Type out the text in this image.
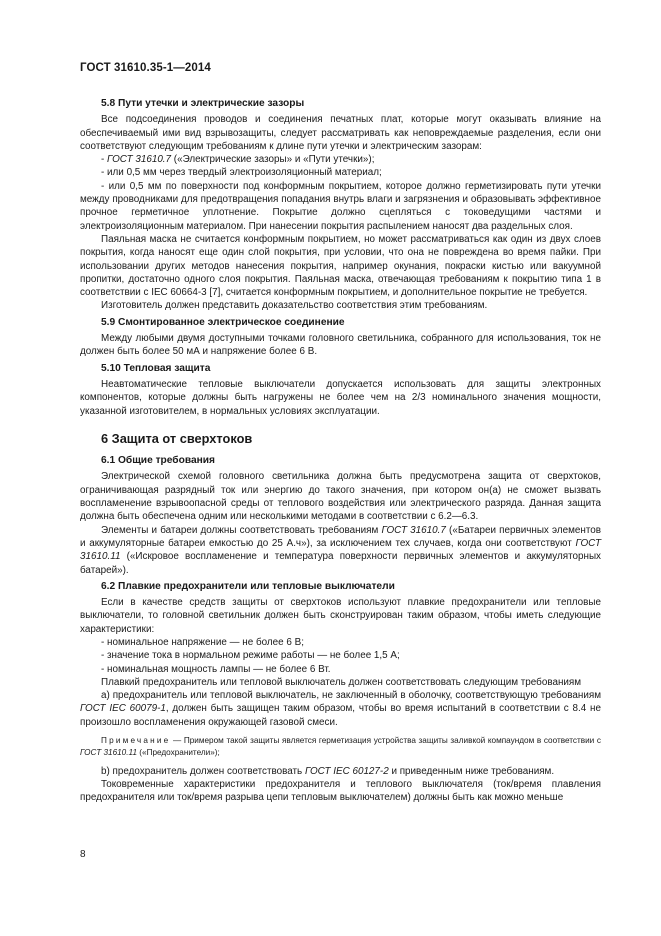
ГОСТ 31610.35-1—2014
5.8 Пути утечки и электрические зазоры

Все подсоединения проводов и соединения печатных плат, которые могут оказывать влияние на обеспечиваемый ими вид взрывозащиты, следует рассматривать как неповреждаемые разделения, если они соответствуют следующим требованиям к длине пути утечки и электрическим зазорам:

- ГОСТ 31610.7 («Электрические зазоры» и «Пути утечки»);

- или 0,5 мм через твердый электроизоляционный материал;

- или 0,5 мм по поверхности под конформным покрытием, которое должно герметизировать пути утечки между проводниками для предотвращения попадания внутрь влаги и загрязнения и образовывать эффективное прочное герметичное уплотнение. Покрытие должно сцепляться с токоведущими частями и электроизоляционным материалом. При нанесении покрытия распылением наносят два раздельных слоя.

Паяльная маска не считается конформным покрытием, но может рассматриваться как один из двух слоев покрытия, когда наносят еще один слой покрытия, при условии, что она не повреждена во время пайки. При использовании других методов нанесения покрытия, например окунания, покраски кистью или вакуумной пропитки, достаточно одного слоя покрытия. Паяльная маска, отвечающая требованиям к покрытию типа 1 в соответствии с IEC 60664-3 [7], считается конформным покрытием, и дополнительное покрытие не требуется.

Изготовитель должен представить доказательство соответствия этим требованиям.

5.9 Смонтированное электрическое соединение

Между любыми двумя доступными точками головного светильника, собранного для использования, ток не должен быть более 50 мА и напряжение более 6 В.

5.10 Тепловая защита

Неавтоматические тепловые выключатели допускается использовать для защиты электронных компонентов, которые должны быть нагружены не более чем на 2/3 номинального значения мощности, указанной изготовителем, в нормальных условиях эксплуатации.

6 Защита от сверхтоков
6.1 Общие требования

Электрической схемой головного светильника должна быть предусмотрена защита от сверхтоков, ограничивающая разрядный ток или энергию до такого значения, при котором он(а) не сможет вызвать воспламенение взрывоопасной среды от теплового воздействия или электрического разряда. Данная защита должна быть обеспечена одним или несколькими методами в соответствии с 6.2—6.3.

Элементы и батареи должны соответствовать требованиям ГОСТ 31610.7 («Батареи первичных элементов и аккумуляторные батареи емкостью до 25 А.ч»), за исключением тех случаев, когда они соответствуют ГОСТ 31610.11 («Искровое воспламенение и температура поверхности первичных элементов и аккумуляторных батарей»).

6.2 Плавкие предохранители или тепловые выключатели

Если в качестве средств защиты от сверхтоков используют плавкие предохранители или тепловые выключатели, то головной светильник должен быть сконструирован таким образом, чтобы иметь следующие характеристики:

- номинальное напряжение — не более 6 В;

- значение тока в нормальном режиме работы — не более 1,5 А;

- номинальная мощность лампы — не более 6 Вт.

Плавкий предохранитель или тепловой выключатель должен соответствовать следующим требованиям

а) предохранитель или тепловой выключатель, не заключенный в оболочку, соответствующую требованиям ГОСТ IEC 60079-1, должен быть защищен таким образом, чтобы во время испытаний в соответствии с 8.4 не произошло воспламенения окружающей газовой смеси.

Примечание — Примером такой защиты является герметизация устройства защиты заливкой компаундом в соответствии с ГОСТ 31610.11 («Предохранители»);

b) предохранитель должен соответствовать ГОСТ IEC 60127-2 и приведенным ниже требованиям.

Токовременные характеристики предохранителя и теплового выключателя (ток/время плавления предохранителя или ток/время разрыва цепи тепловым выключателем) должны быть как можно меньше

8
